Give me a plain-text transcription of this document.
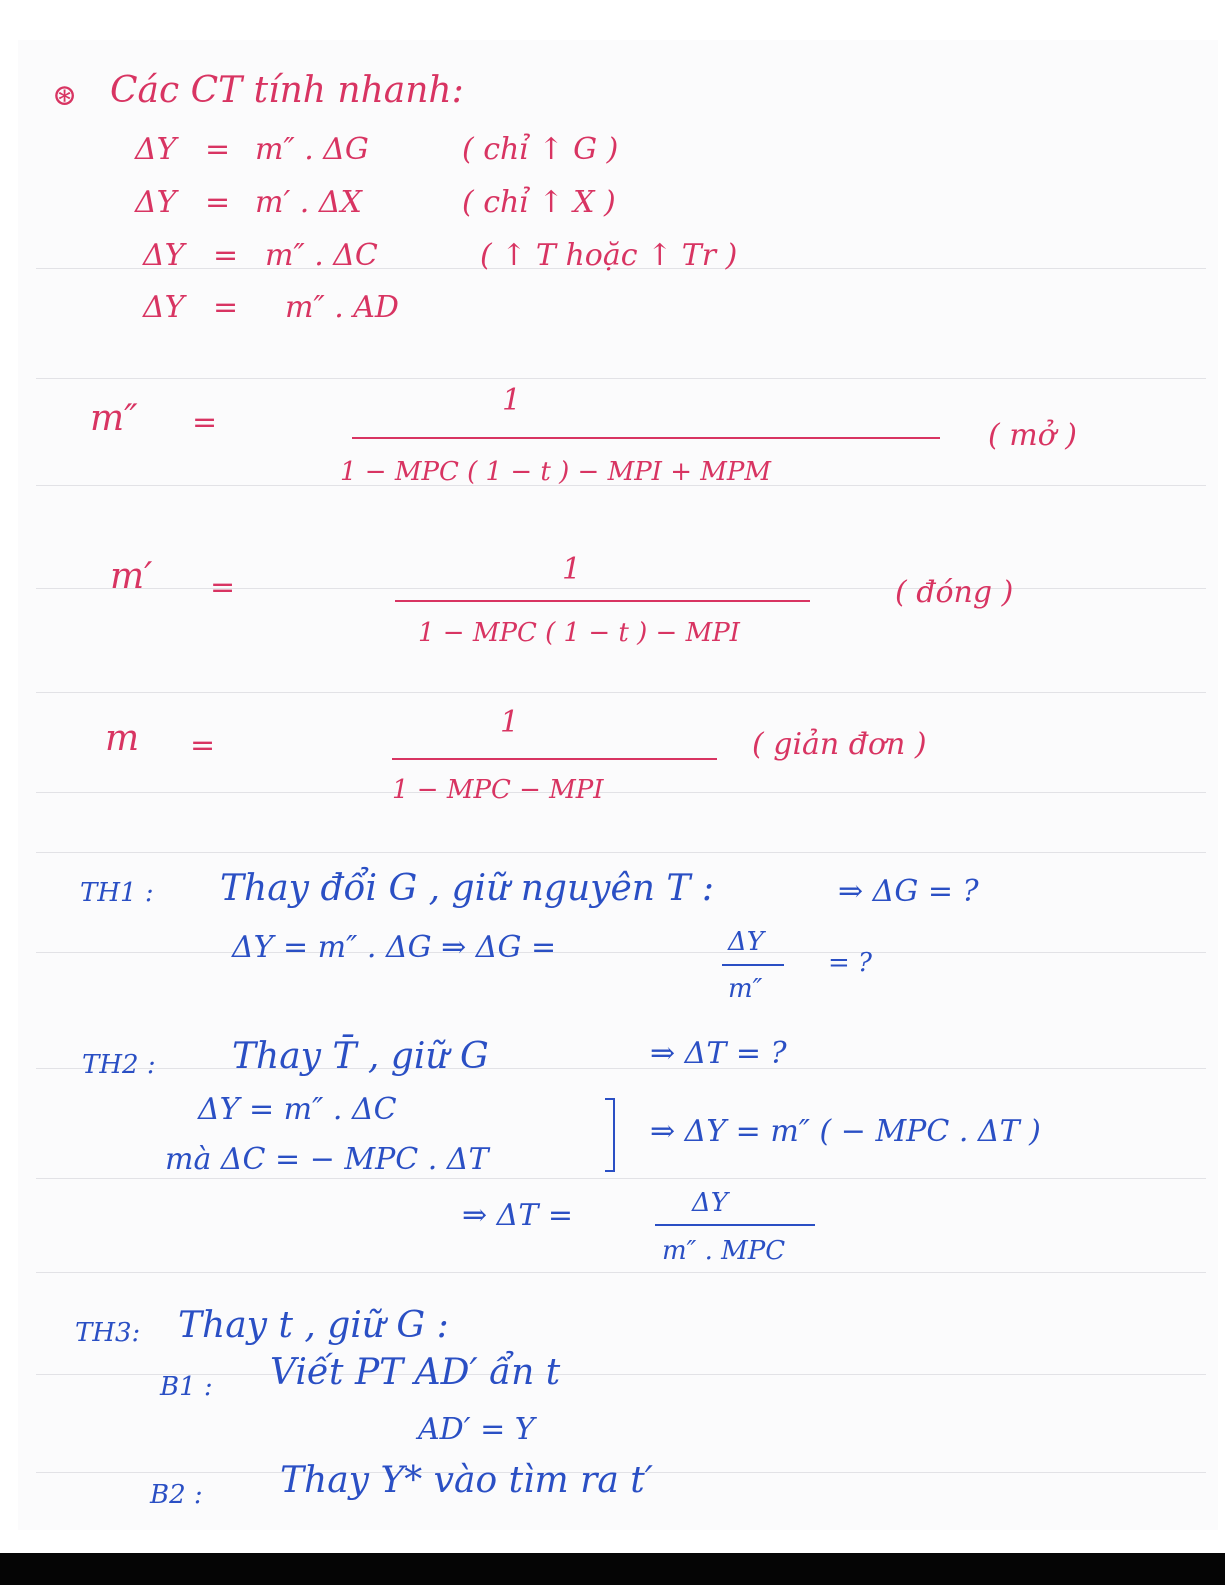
⊛ Các CT tính nhanh:
ΔY = m″ . ΔG	( chỉ ↑ G )
ΔY = m′ . ΔX	( chỉ ↑ X )
ΔY = m″ . ΔC	( ↑ T hoặc ↑ Tr )
ΔY = m″ . AD
m″ =
1
1 − MPC ( 1 − t ) − MPI + MPM
( mở )
m′ =
1
1 − MPC ( 1 − t ) − MPI
( đóng )
m =
1
1 − MPC − MPI
( giản đơn )
TH1 : Thay đổi G , giữ nguyên T :	⇒ ΔG = ?
ΔY = m″ . ΔG ⇒ ΔG =	ΔY
m″
= ?
TH2 : Thay T̄ , giữ G	⇒ ΔT = ?
ΔY = m″ . ΔC
mà ΔC = − MPC . ΔT
⇒ ΔY = m″ ( − MPC . ΔT )
⇒ ΔT =	ΔY
m″ . MPC
TH3: Thay t , giữ G :
B1 : Viết PT AD′ ẩn t
AD′ = Y
B2 : Thay Y* vào tìm ra t′
